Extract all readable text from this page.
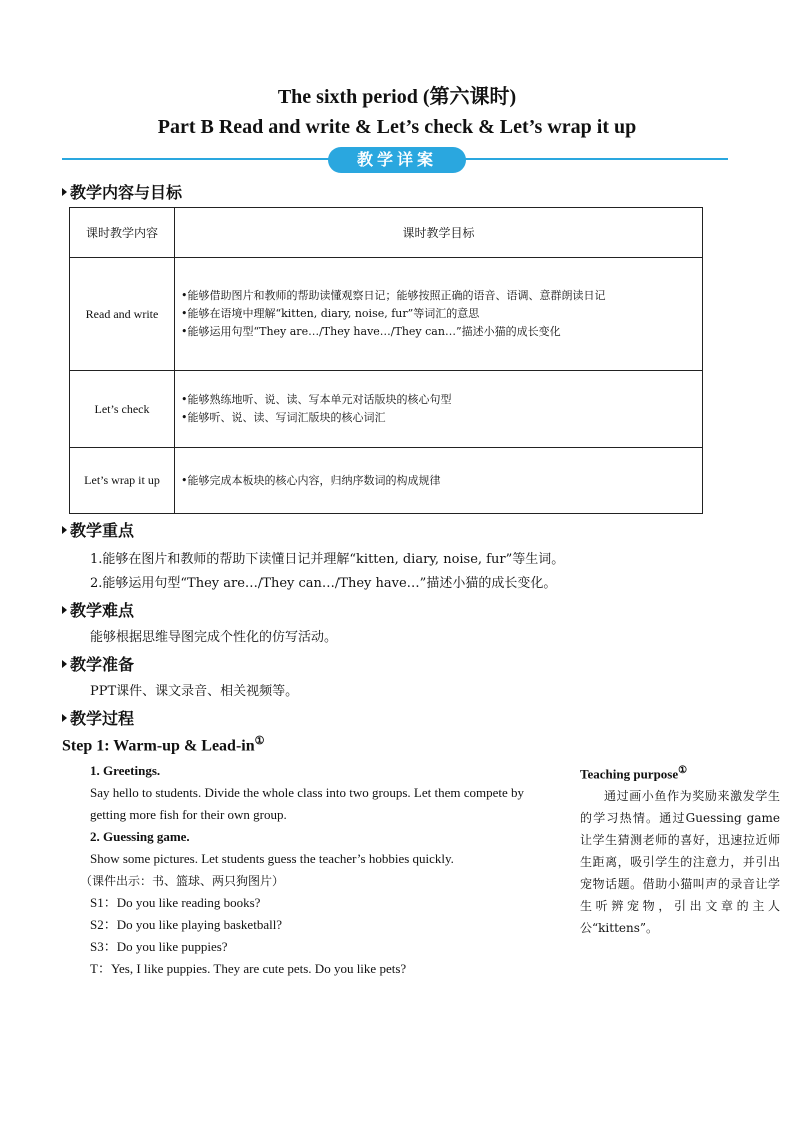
The sixth period (第六课时)
Part B Read and write & Let’s check & Let’s wrap it up
教学详案
教学内容与目标
课时教学内容	课时教学目标
Read and write	•能够借助图片和教师的帮助读懂观察日记；能够按照正确的语音、语调、意群朗读日记
•能够在语境中理解“kitten, diary, noise, fur”等词汇的意思
•能够运用句型“They are…/They have…/They can…”描述小猫的成长变化

Let’s check	•能够熟练地听、说、读、写本单元对话版块的核心句型
•能够听、说、读、写词汇版块的核心词汇

Let’s wrap it up	•能够完成本板块的核心内容，归纳序数词的构成规律
教学重点
1.能够在图片和教师的帮助下读懂日记并理解“kitten, diary, noise, fur”等生词。
2.能够运用句型“They are…/They can…/They have…”描述小猫的成长变化。
教学难点
能够根据思维导图完成个性化的仿写活动。
教学准备
PPT课件、课文录音、相关视频等。
教学过程
Step 1: Warm-up & Lead-in①
1. Greetings.
Say hello to students. Divide the whole class into two groups. Let them compete by getting more fish for their own group.
2. Guessing game.
Show some pictures. Let students guess the teacher’s hobbies quickly.
（课件出示：书、篮球、两只狗图片）
S1：Do you like reading books?
S2：Do you like playing basketball?
S3：Do you like puppies?
T：Yes, I like puppies. They are cute pets. Do you like pets?
Teaching purpose①
通过画小鱼作为奖励来激发学生的学习热情。通过Guessing game让学生猜测老师的喜好，迅速拉近师生距离，吸引学生的注意力，并引出宠物话题。借助小猫叫声的录音让学生听辨宠物，引出文章的主人公“kittens”。
